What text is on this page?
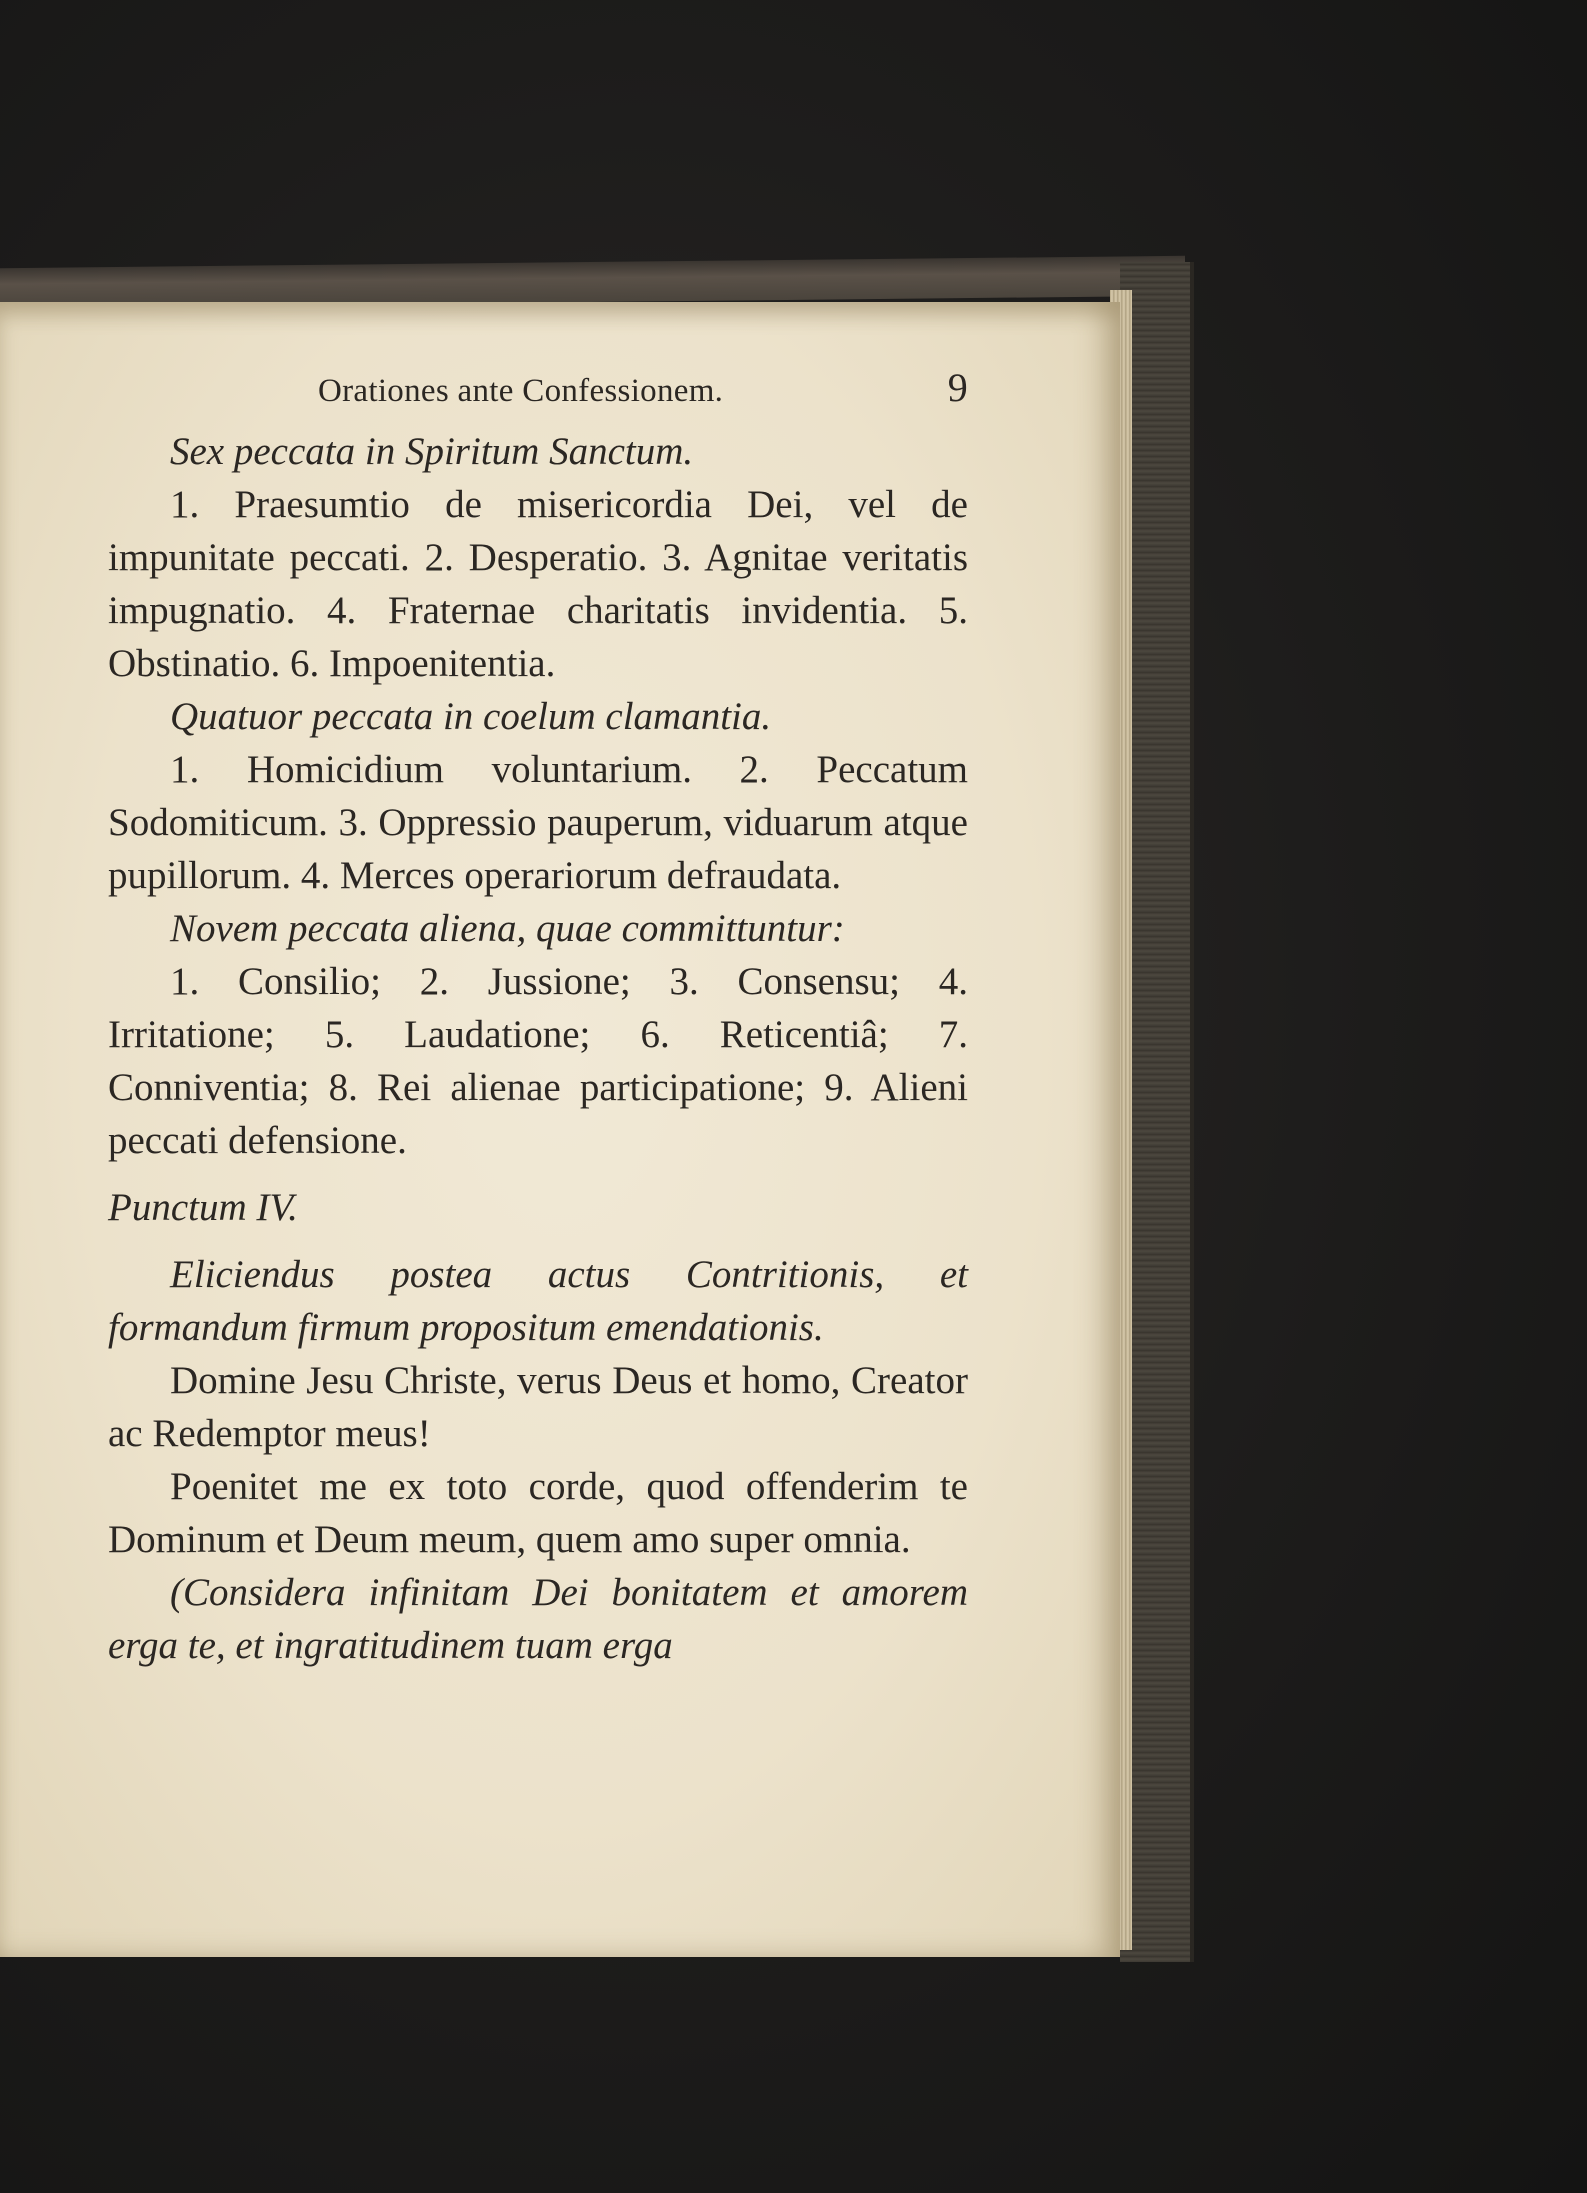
Orationes ante Confessionem.	9

Sex peccata in Spiritum Sanctum.

1. Praesumtio de misericordia Dei, vel de impunitate peccati. 2. Desperatio. 3. Agnitae veritatis impugnatio. 4. Fraternae charitatis invidentia. 5. Obstinatio. 6. Impoenitentia.

Quatuor peccata in coelum clamantia.

1. Homicidium voluntarium. 2. Peccatum Sodomiticum. 3. Oppressio pauperum, viduarum atque pupillorum. 4. Merces operariorum defraudata.

Novem peccata aliena, quae committuntur:

1. Consilio; 2. Jussione; 3. Consensu; 4. Irritatione; 5. Laudatione; 6. Reticentiâ; 7. Conniventia; 8. Rei alienae participatione; 9. Alieni peccati defensione.

Punctum IV.

Eliciendus postea actus Contritionis, et formandum firmum propositum emendationis.

Domine Jesu Christe, verus Deus et homo, Creator ac Redemptor meus!

Poenitet me ex toto corde, quod offenderim te Dominum et Deum meum, quem amo super omnia.

(Considera infinitam Dei bonitatem et amorem erga te, et ingratitudinem tuam erga
